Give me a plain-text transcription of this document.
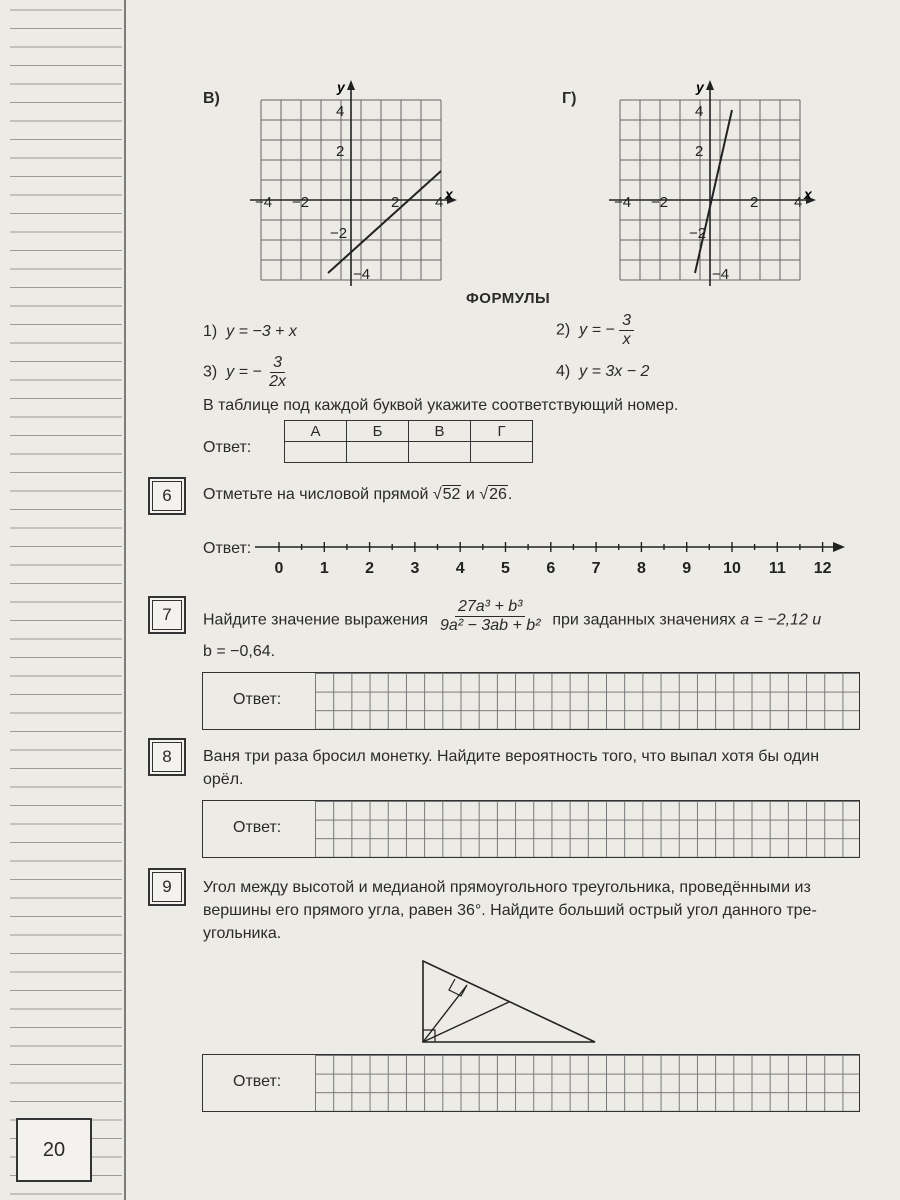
20
В)
x
y
−4 −2	2 4
4
2
−2
−4
Г)
x
y
−4 −2	2 4
4
2
−2
−4
ФОРМУЛЫ
1) y = −3 + x	2) y = − $\frac{3}{x}$
3) y = − $\frac{3}{2x}$	4) y = 3x − 2
В таблице под каждой буквой укажите соответствующий номер.
Ответ:
А	Б	В	Г

6	Отметьте на числовой прямой √52 и √26.
Ответ:
0 1 2 3 4 5 6 7 8 9 10 11 12
7	Найдите значение выражения $\frac{\text{27a³ + b³}}{\text{9a² − 3ab + b²}}$ при заданных значениях a = −2,12 и
b = −0,64.
Ответ:
8	Ваня три раза бросил монетку. Найдите вероятность того, что выпал хотя бы один
орёл.
Ответ:
9	Угол между высотой и медианой прямоугольного треугольника, проведёнными из
вершины его прямого угла, равен 36°. Найдите больший острый угол данного тре-
угольника.
Ответ:
